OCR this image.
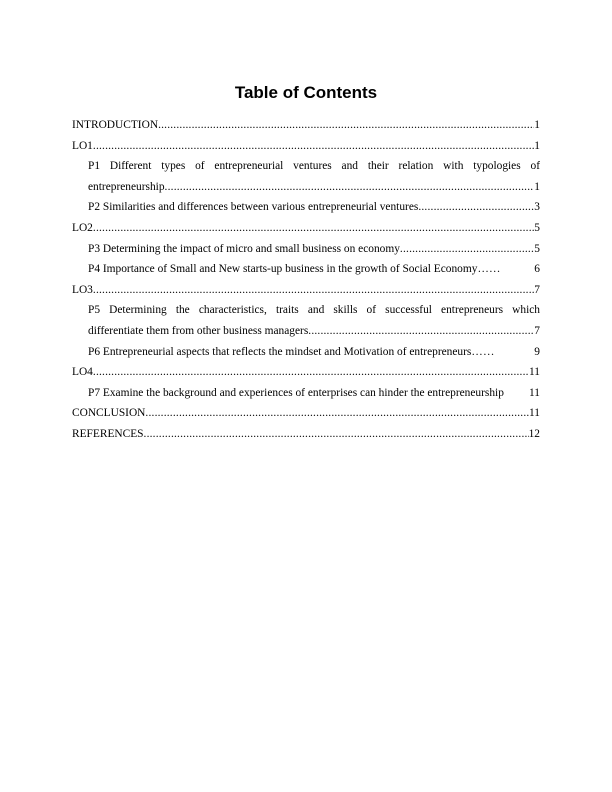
Table of Contents
INTRODUCTION .....	1
LO1 .....	1
P1 Different types of entrepreneurial ventures and their relation with typologies of
entrepreneurship .....	1
P2 Similarities and differences between various entrepreneurial ventures .....	3
LO2 .....	5
P3 Determining the impact of micro and small business on economy .....	5
P4 Importance of Small and New starts-up business in the growth of Social Economy ……	6
LO3 .....	7
P5 Determining the characteristics, traits and skills of successful entrepreneurs which
differentiate them from other business managers .....	7
P6 Entrepreneurial aspects that reflects the mindset and Motivation of entrepreneurs ……	9
LO4 .....	11
P7 Examine the background and experiences of enterprises can hinder the entrepreneurship 11
CONCLUSION .....	11
REFERENCES .....	12
